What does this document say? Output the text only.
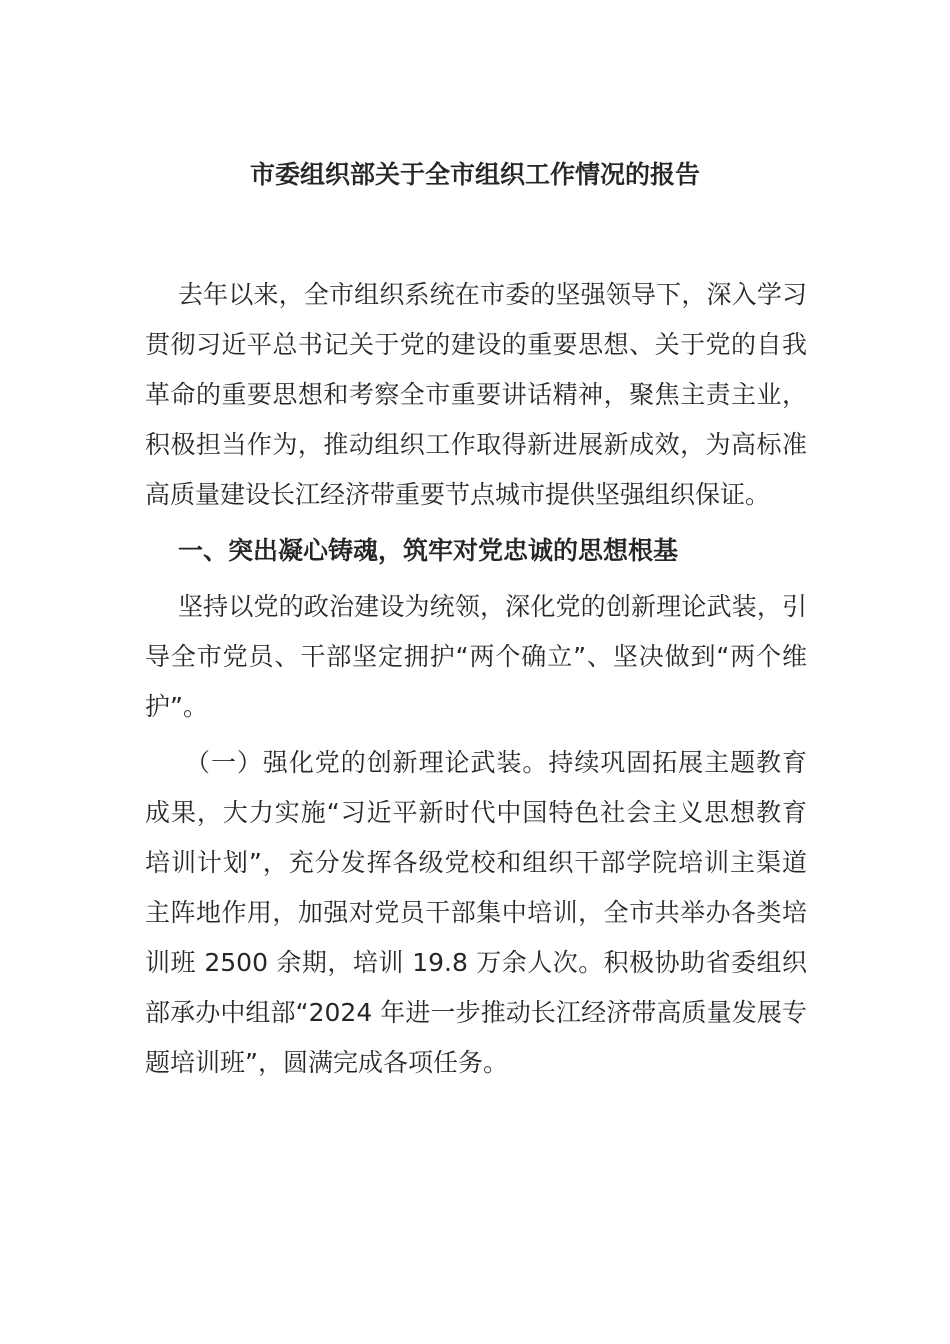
市委组织部关于全市组织工作情况的报告

去年以来，全市组织系统在市委的坚强领导下，深入学习贯彻习近平总书记关于党的建设的重要思想、关于党的自我革命的重要思想和考察全市重要讲话精神，聚焦主责主业，积极担当作为，推动组织工作取得新进展新成效，为高标准高质量建设长江经济带重要节点城市提供坚强组织保证。

一、突出凝心铸魂，筑牢对党忠诚的思想根基

坚持以党的政治建设为统领，深化党的创新理论武装，引导全市党员、干部坚定拥护“两个确立”、坚决做到“两个维护”。

（一）强化党的创新理论武装。持续巩固拓展主题教育成果，大力实施“习近平新时代中国特色社会主义思想教育培训计划”，充分发挥各级党校和组织干部学院培训主渠道主阵地作用，加强对党员干部集中培训，全市共举办各类培训班 2500 余期，培训 19.8 万余人次。积极协助省委组织部承办中组部“2024 年进一步推动长江经济带高质量发展专题培训班”，圆满完成各项任务。
